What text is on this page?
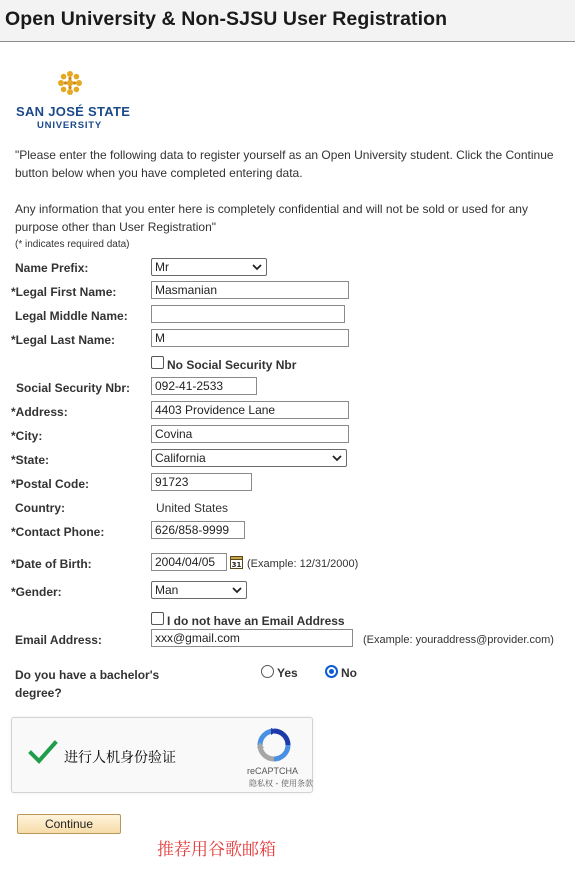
Open University & Non-SJSU User Registration
SAN JOSÉ STATE
UNIVERSITY
"Please enter the following data to register yourself as an Open University student. Click the Continue button below when you have completed entering data.
Any information that you enter here is completely confidential and will not be sold or used for any purpose other than User Registration"
(* indicates required data)
Name Prefix:	Mr
*Legal First Name:	Masmanian
Legal Middle Name:
*Legal Last Name:	M
No Social Security Nbr
Social Security Nbr:	092-41-2533
*Address:	4403 Providence Lane
*City:	Covina
*State:	California
*Postal Code:	91723
Country:	United States
*Contact Phone:	626/858-9999
*Date of Birth:	2004/04/05	31 (Example: 12/31/2000)
*Gender:	Man
I do not have an Email Address
Email Address:	xxx@gmail.com	(Example: youraddress@provider.com)
Do you have a bachelor's
degree?
Yes	No
进行人机身份验证
reCAPTCHA
隐私权 - 使用条款
Continue
推荐用谷歌邮箱
